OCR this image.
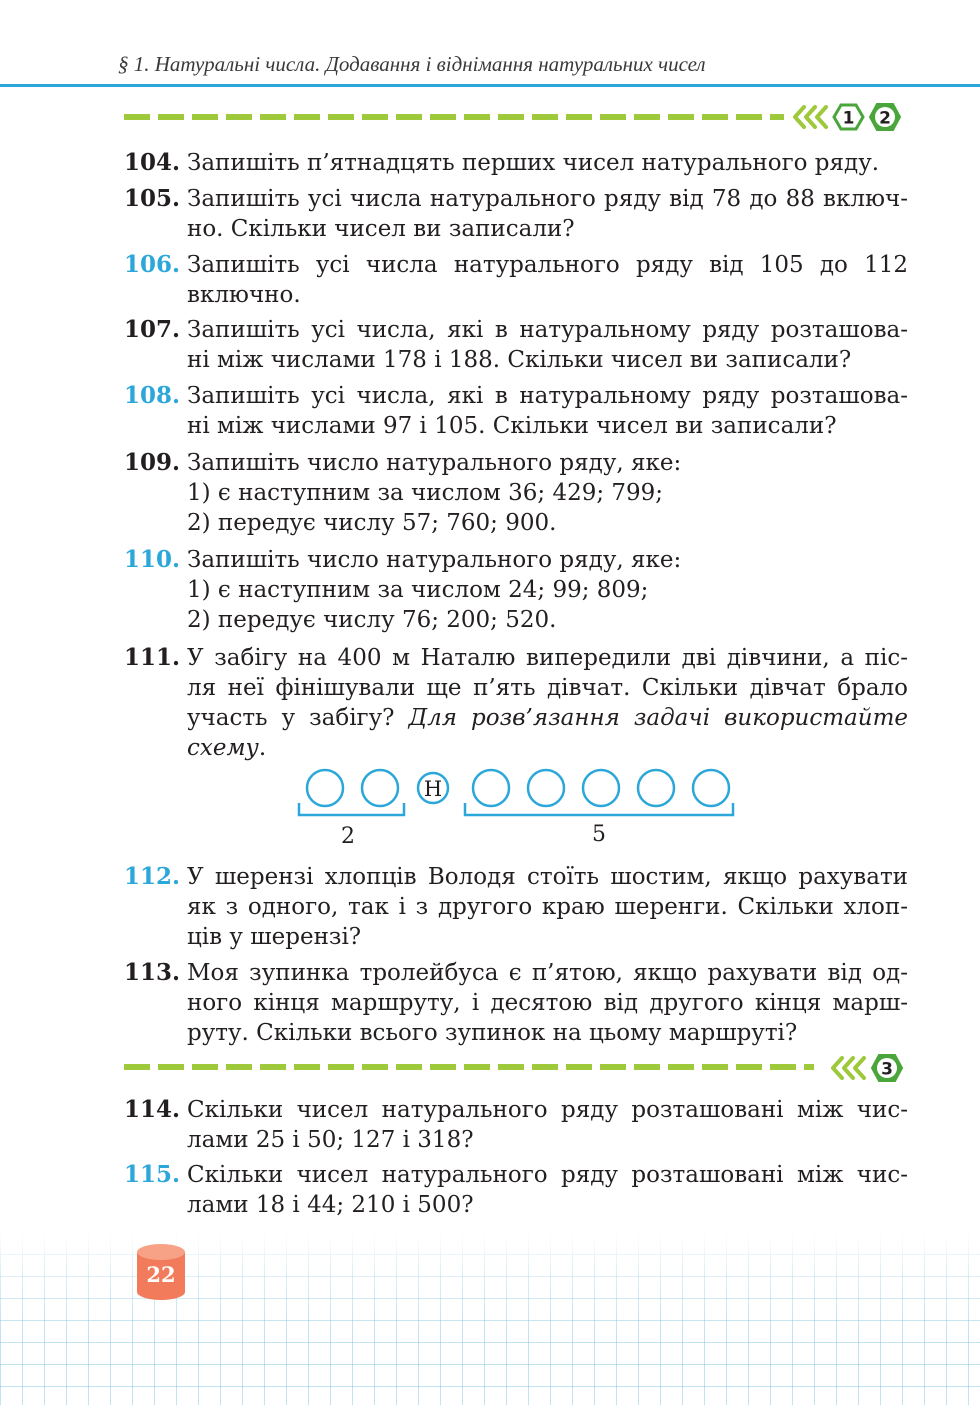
§ 1. Натуральні числа. Додавання і віднімання натуральних чисел
1 2
104. Запишіть п’ятнадцять перших чисел натурального ряду.
105. Запишіть усі числа натурального ряду від 78 до 88 включ-
но. Скільки чисел ви записали?
106. Запишіть усі числа натурального ряду від 105 до 112
включно.
107. Запишіть усі числа, які в натуральному ряду розташова-
ні між числами 178 і 188. Скільки чисел ви записали?
108. Запишіть усі числа, які в натуральному ряду розташова-
ні між числами 97 і 105. Скільки чисел ви записали?
109. Запишіть число натурального ряду, яке:
1) є наступним за числом 36; 429; 799;
2) передує числу 57; 760; 900.
110. Запишіть число натурального ряду, яке:
1) є наступним за числом 24; 99; 809;
2) передує числу 76; 200; 520.
111. У забігу на 400 м Наталю випередили дві дівчини, а піс-
ля неї фінішували ще п’ять дівчат. Скільки дівчат брало
участь у забігу? Для розв’язання задачі використайте
схему.
Н
2	5
112. У шерензі хлопців Володя стоїть шостим, якщо рахувати
як з одного, так і з другого краю шеренги. Скільки хлоп-
ців у шерензі?
113. Моя зупинка тролейбуса є п’ятою, якщо рахувати від од-
ного кінця маршруту, і десятою від другого кінця марш-
руту. Скільки всього зупинок на цьому маршруті?
3
114. Скільки чисел натурального ряду розташовані між чис-
лами 25 і 50; 127 і 318?
115. Скільки чисел натурального ряду розташовані між чис-
лами 18 і 44; 210 і 500?
22
